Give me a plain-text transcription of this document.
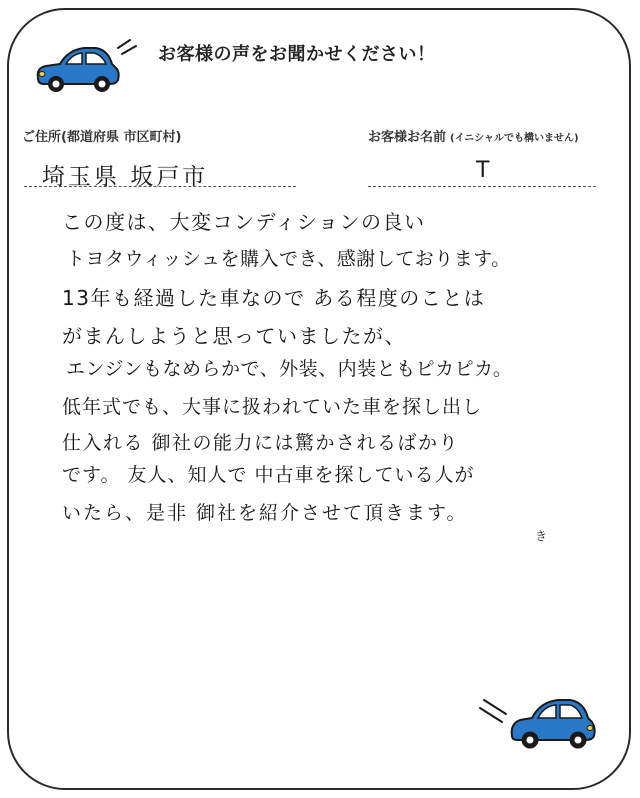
お客様の声をお聞かせください！
ご住所(都道府県 市区町村)	お客様お名前 (イニシャルでも構いません)
埼玉県 坂戸市	T
この度は、大変コンディションの良い
トヨタウィッシュを購入でき、感謝しております。
13年も経過した車なので ある程度のことは
がまんしようと思っていましたが、
エンジンもなめらかで、外装、内装ともピカピカ。
低年式でも、大事に扱われていた車を探し出し
仕入れる 御社の能力には驚かされるばかり
です。 友人、知人で 中古車を探している人が
いたら、是非 御社を紹介させて頂きます。
き
